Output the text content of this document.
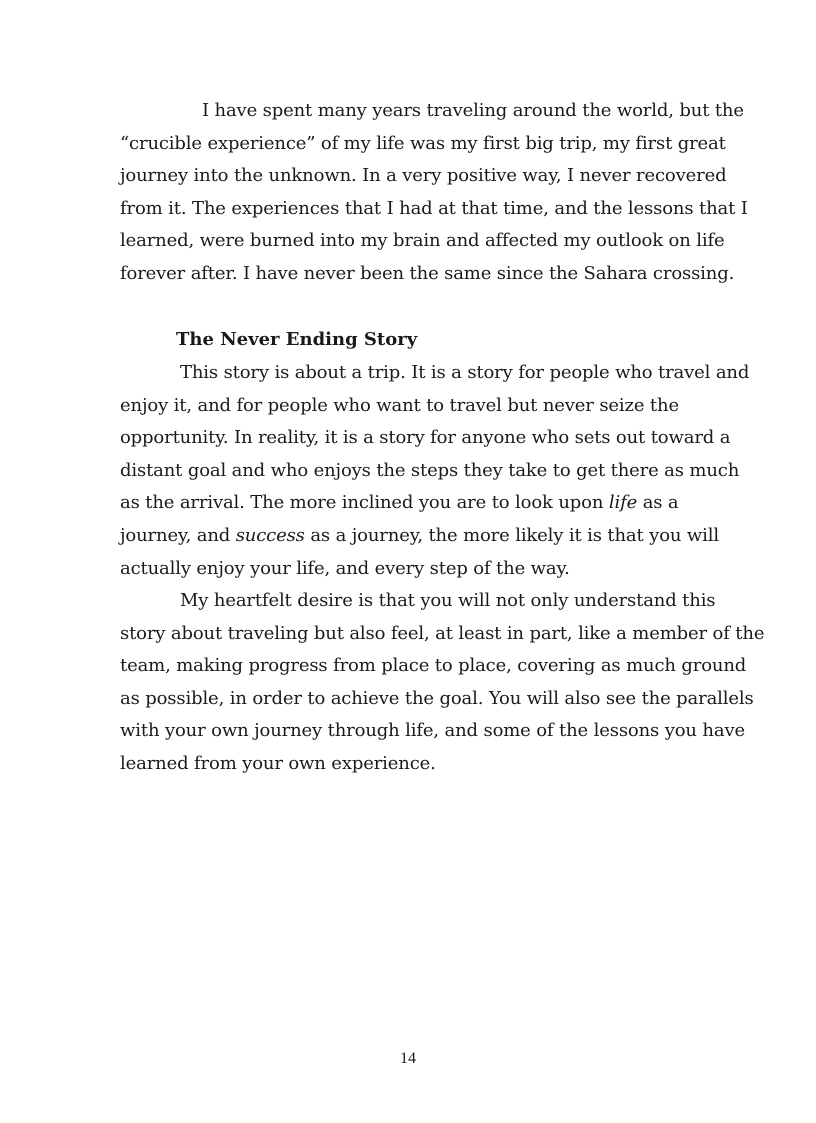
I have spent many years traveling around the world, but the
“crucible experience” of my life was my first big trip, my first great
journey into the unknown. In a very positive way, I never recovered
from it. The experiences that I had at that time, and the lessons that I
learned, were burned into my brain and affected my outlook on life
forever after. I have never been the same since the Sahara crossing.

The Never Ending Story

This story is about a trip. It is a story for people who travel and
enjoy it, and for people who want to travel but never seize the
opportunity. In reality, it is a story for anyone who sets out toward a
distant goal and who enjoys the steps they take to get there as much
as the arrival. The more inclined you are to look upon life as a
journey, and success as a journey, the more likely it is that you will
actually enjoy your life, and every step of the way.

My heartfelt desire is that you will not only understand this
story about traveling but also feel, at least in part, like a member of the
team, making progress from place to place, covering as much ground
as possible, in order to achieve the goal. You will also see the parallels
with your own journey through life, and some of the lessons you have
learned from your own experience.

14
